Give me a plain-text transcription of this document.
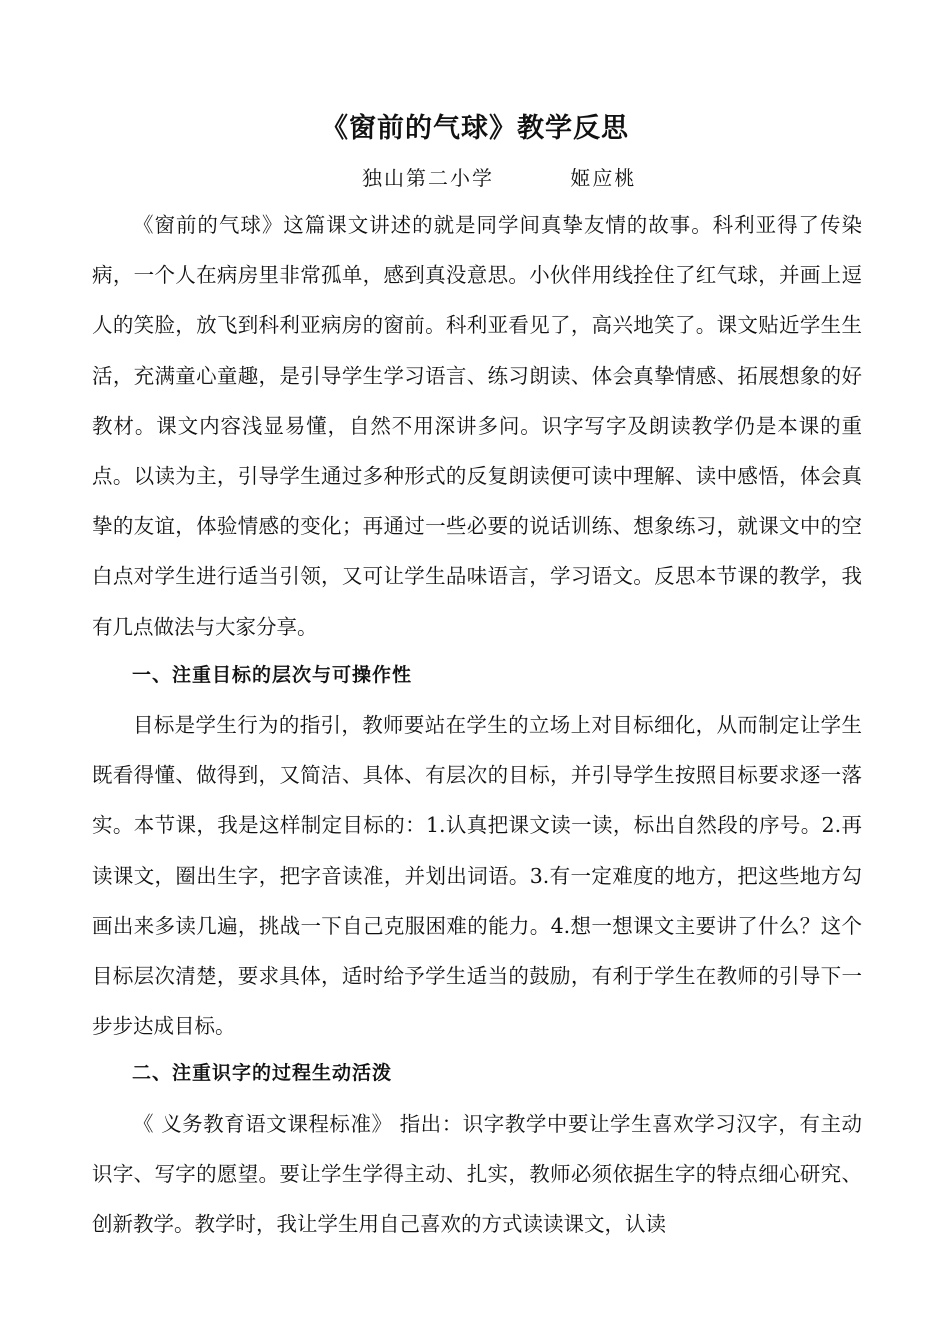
《窗前的气球》教学反思
独山第二小学	姬应桃

《窗前的气球》这篇课文讲述的就是同学间真挚友情的故事。科利亚得了传染病，一个人在病房里非常孤单，感到真没意思。小伙伴用线拴住了红气球，并画上逗人的笑脸，放飞到科利亚病房的窗前。科利亚看见了，高兴地笑了。课文贴近学生生活，充满童心童趣，是引导学生学习语言、练习朗读、体会真挚情感、拓展想象的好教材。课文内容浅显易懂，自然不用深讲多问。识字写字及朗读教学仍是本课的重点。以读为主，引导学生通过多种形式的反复朗读便可读中理解、读中感悟，体会真挚的友谊，体验情感的变化；再通过一些必要的说话训练、想象练习，就课文中的空白点对学生进行适当引领，又可让学生品味语言，学习语文。反思本节课的教学，我有几点做法与大家分享。

一、注重目标的层次与可操作性

目标是学生行为的指引，教师要站在学生的立场上对目标细化，从而制定让学生既看得懂、做得到，又简洁、具体、有层次的目标，并引导学生按照目标要求逐一落实。本节课，我是这样制定目标的：1.认真把课文读一读，标出自然段的序号。2.再读课文，圈出生字，把字音读准，并划出词语。3.有一定难度的地方，把这些地方勾画出来多读几遍，挑战一下自己克服困难的能力。4.想一想课文主要讲了什么？这个目标层次清楚，要求具体，适时给予学生适当的鼓励，有利于学生在教师的引导下一步步达成目标。

二、注重识字的过程生动活泼

《 义务教育语文课程标准》 指出：识字教学中要让学生喜欢学习汉字，有主动识字、写字的愿望。要让学生学得主动、扎实，教师必须依据生字的特点细心研究、创新教学。教学时，我让学生用自己喜欢的方式读读课文，认读
